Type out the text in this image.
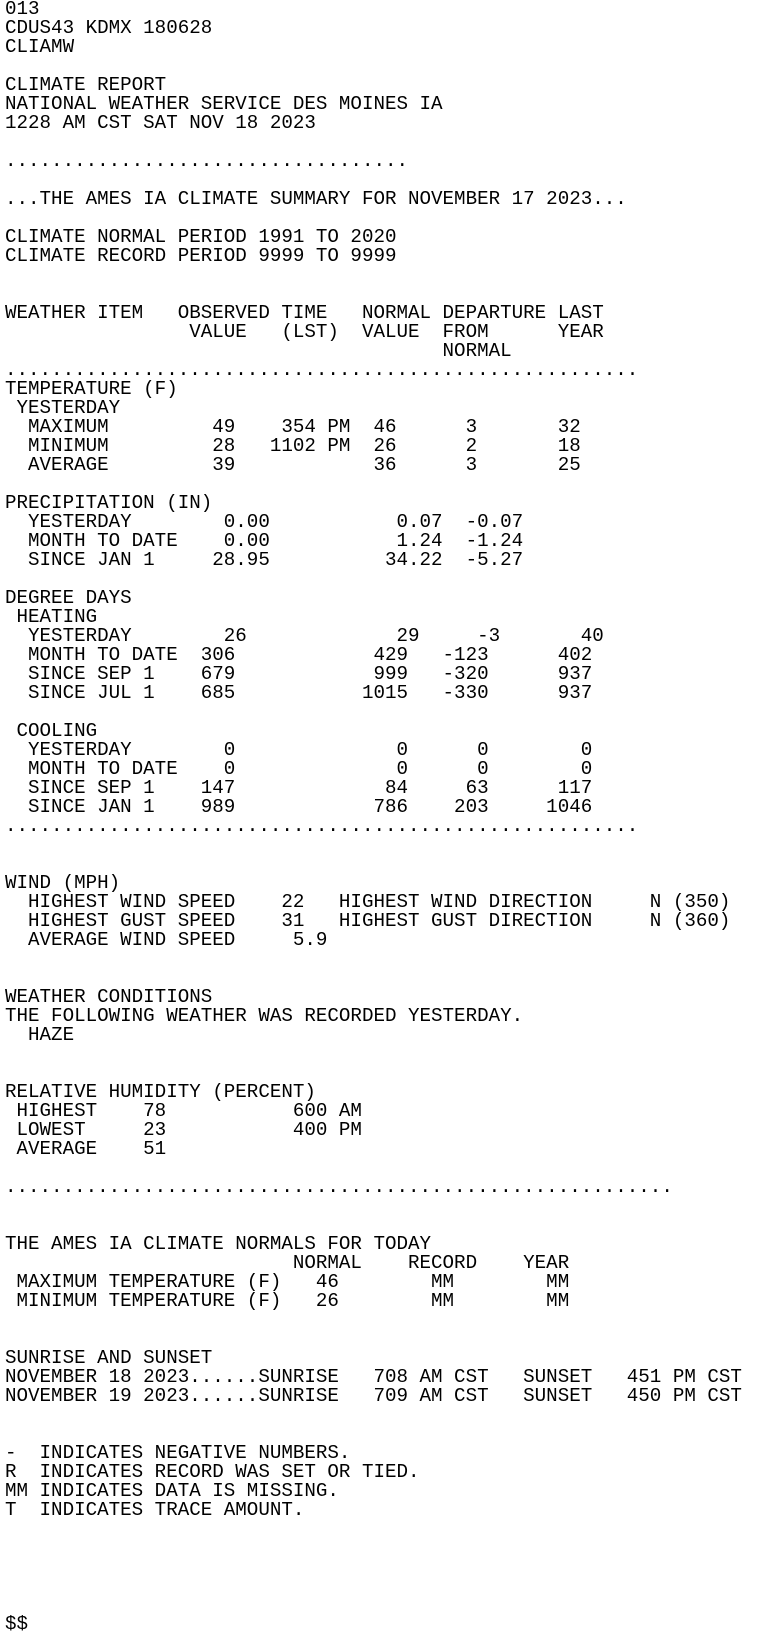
013
CDUS43 KDMX 180628
CLIAMW
CLIMATE REPORT
NATIONAL WEATHER SERVICE DES MOINES IA
1228 AM CST SAT NOV 18 2023
...................................
...THE AMES IA CLIMATE SUMMARY FOR NOVEMBER 17 2023...
CLIMATE NORMAL PERIOD 1991 TO 2020
CLIMATE RECORD PERIOD 9999 TO 9999
WEATHER ITEM   OBSERVED TIME   NORMAL DEPARTURE LAST
VALUE   (LST)  VALUE  FROM      YEAR
NORMAL
.......................................................
TEMPERATURE (F)
YESTERDAY
MAXIMUM         49    354 PM  46      3       32
MINIMUM         28   1102 PM  26      2       18
AVERAGE         39            36      3       25
PRECIPITATION (IN)
YESTERDAY        0.00           0.07  -0.07
MONTH TO DATE    0.00           1.24  -1.24
SINCE JAN 1     28.95          34.22  -5.27
DEGREE DAYS
HEATING
YESTERDAY        26             29     -3       40
MONTH TO DATE  306            429   -123      402
SINCE SEP 1    679            999   -320      937
SINCE JUL 1    685           1015   -330      937
COOLING
YESTERDAY        0              0      0        0
MONTH TO DATE    0              0      0        0
SINCE SEP 1    147             84     63      117
SINCE JAN 1    989            786    203     1046
.......................................................
WIND (MPH)
HIGHEST WIND SPEED    22   HIGHEST WIND DIRECTION     N (350)
HIGHEST GUST SPEED    31   HIGHEST GUST DIRECTION     N (360)
AVERAGE WIND SPEED     5.9
WEATHER CONDITIONS
THE FOLLOWING WEATHER WAS RECORDED YESTERDAY.
HAZE
RELATIVE HUMIDITY (PERCENT)
HIGHEST    78           600 AM
LOWEST     23           400 PM
AVERAGE    51
..........................................................
THE AMES IA CLIMATE NORMALS FOR TODAY
NORMAL    RECORD    YEAR
MAXIMUM TEMPERATURE (F)   46        MM        MM
MINIMUM TEMPERATURE (F)   26        MM        MM
SUNRISE AND SUNSET
NOVEMBER 18 2023......SUNRISE   708 AM CST   SUNSET   451 PM CST
NOVEMBER 19 2023......SUNRISE   709 AM CST   SUNSET   450 PM CST
-  INDICATES NEGATIVE NUMBERS.
R  INDICATES RECORD WAS SET OR TIED.
MM INDICATES DATA IS MISSING.
T  INDICATES TRACE AMOUNT.
$$
